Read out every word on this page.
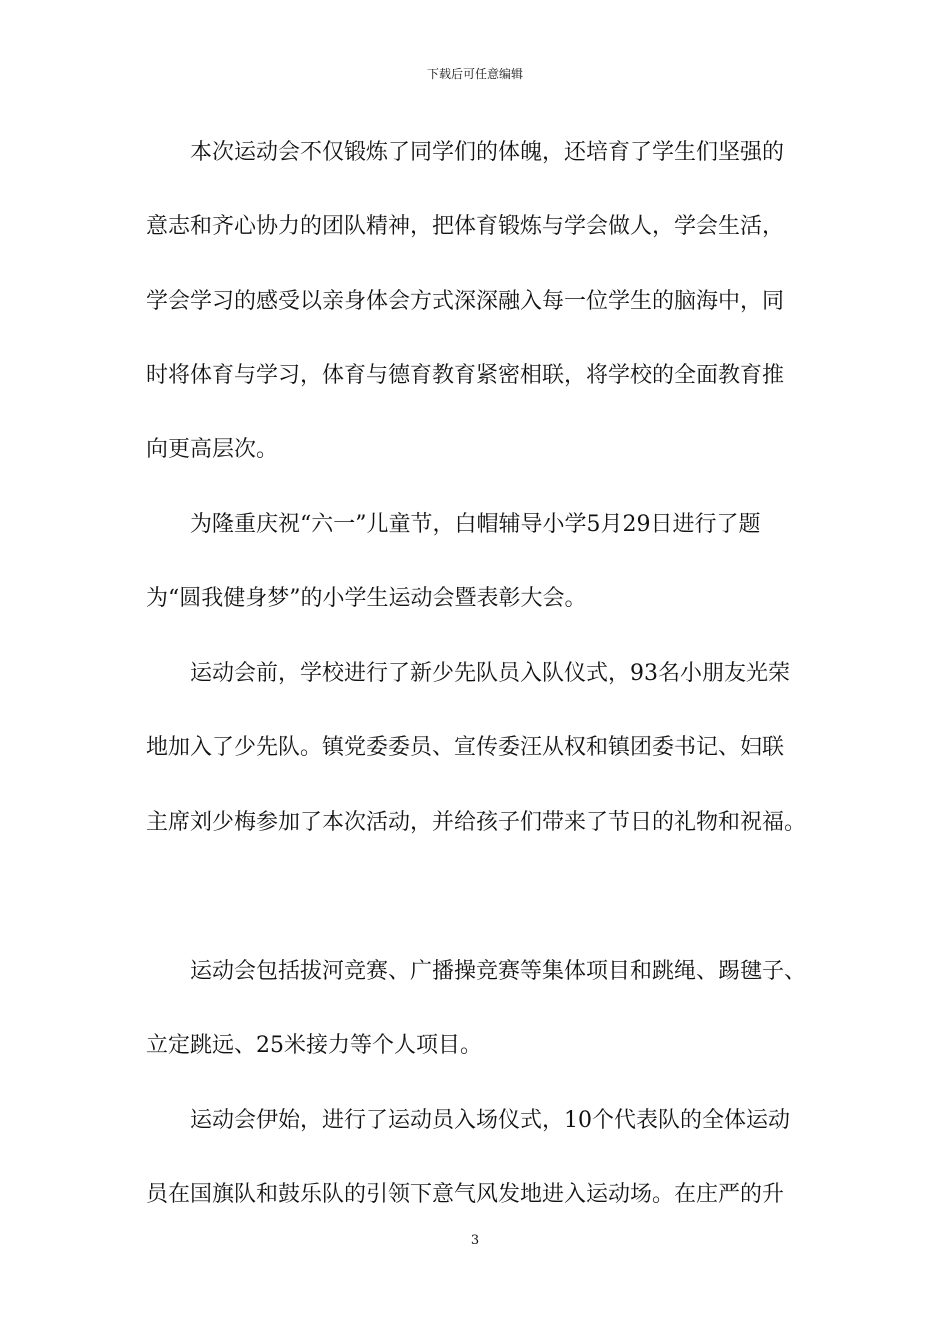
下载后可任意编辑
本次运动会不仅锻炼了同学们的体魄，还培育了学生们坚强的
意志和齐心协力的团队精神，把体育锻炼与学会做人，学会生活，
学会学习的感受以亲身体会方式深深融入每一位学生的脑海中，同
时将体育与学习，体育与德育教育紧密相联，将学校的全面教育推
向更高层次。
为隆重庆祝“六一”儿童节，白帽辅导小学5月29日进行了题
为“圆我健身梦”的小学生运动会暨表彰大会。
运动会前，学校进行了新少先队员入队仪式，93名小朋友光荣
地加入了少先队。镇党委委员、宣传委汪从权和镇团委书记、妇联
主席刘少梅参加了本次活动，并给孩子们带来了节日的礼物和祝福。
运动会包括拔河竞赛、广播操竞赛等集体项目和跳绳、踢毽子、
立定跳远、25米接力等个人项目。
运动会伊始，进行了运动员入场仪式，10个代表队的全体运动
员在国旗队和鼓乐队的引领下意气风发地进入运动场。在庄严的升
3
